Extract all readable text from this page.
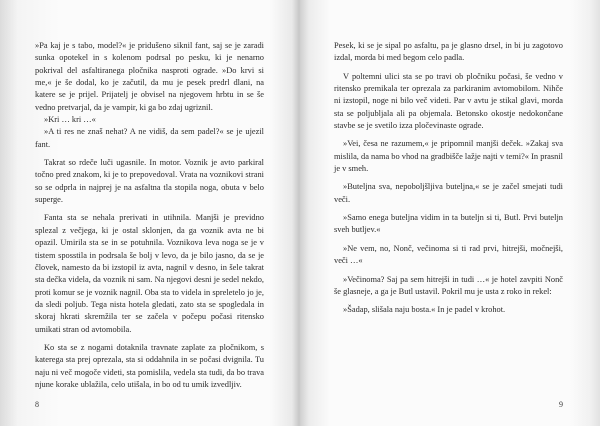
»Pa kaj je s tabo, model?« je pridušeno siknil fant, saj se je zaradi sunka opotekel in s kolenom podrsal po pesku, ki je nenarno pokrival del asfaltiranega pločnika nasproti ograde. »Do krvi si me,« je še dodal, ko je začutil, da mu je pesek predrl dlani, na katere se je prijel. Prijatelj je obvisel na njegovem hrbtu in se še vedno pretvarjal, da je vampir, ki ga bo zdaj ugriznil.

»Kri … kri …«

»A ti res ne znaš nehat? A ne vidiš, da sem padel?« se je ujezil fant.

Takrat so rdeče luči ugasnile. In motor. Voznik je avto parkiral točno pred znakom, ki je to prepovedoval. Vrata na voznikovi strani so se odprla in najprej je na asfaltna tla stopila noga, obuta v belo superge.

Fanta sta se nehala prerivati in utihnila. Manjši je previdno splezal z večjega, ki je ostal sklonjen, da ga voznik avta ne bi opazil. Umirila sta se in se potuhnila. Voznikova leva noga se je v tistem sposstila in podrsala še bolj v levo, da je bilo jasno, da se je človek, namesto da bi izstopil iz avta, nagnil v desno, in šele takrat sta dečka videla, da voznik ni sam. Na njegovi desni je sedel nekdo, proti komur se je voznik nagnil. Oba sta to videla in spreletelo jo je, da sledi poljub. Tega nista hotela gledati, zato sta se spogledala in skoraj hkrati skremžila ter se začela v počepu počasi ritensko umikati stran od avtomobila.

Ko sta se z nogami dotaknila travnate zaplate za pločnikom, s katerega sta prej oprezala, sta si oddahnila in se počasi dvignila. Tu naju ni več mogoče videti, sta pomislila, vedela sta tudi, da bo trava njune korake ublažila, celo utišala, in bo od tu umik izvedljiv.

8

Pesek, ki se je sipal po asfaltu, pa je glasno drsel, in bi ju zagotovo izdal, morda bi med begom celo padla.

V poltemni ulici sta se po travi ob pločniku počasi, še vedno v ritensko premikala ter oprezala za parkiranim avtomobilom. Nihče ni izstopil, noge ni bilo več videti. Par v avtu je stikal glavi, morda sta se poljubljala ali pa objemala. Betonsko okostje nedokončane stavbe se je svetilo izza pločevinaste ograde.

»Vei, česa ne razumem,« je pripomnil manjši deček. »Zakaj sva mislila, da nama bo vhod na gradbišče lažje najti v temi?« In prasnil je v smeh.

»Buteljna sva, nepoboljšljiva buteljna,« se je začel smejati tudi veči.

»Samo enega buteljna vidim in ta buteljn si ti, Butl. Prvi buteljn sveh butljev.«

»Ne vem, no, Nonč, večinoma si ti rad prvi, hitrejši, močnejši, veči …«

»Večinoma? Saj pa sem hitrejši in tudi …« je hotel zavpiti Nonč še glasneje, a ga je Butl ustavil. Pokril mu je usta z roko in rekel:

»Šadap, slišala naju bosta.« In je padel v krohot.

9
